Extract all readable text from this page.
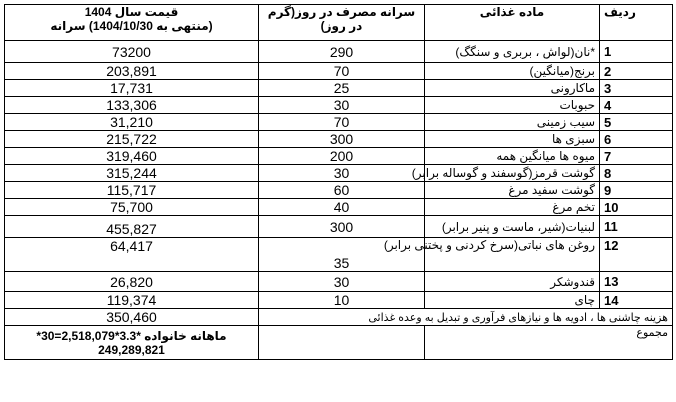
ردیف	ماده غذائی	سرانه مصرف در روز(گرم
در روز)	قیمت سال 1404
(منتهی به 1404/10/30) سرانه

1	*نان(لواش ، بربری و سنگگ)	290	73200
2	برنج(میانگین)	70	203,891
3	ماکارونی	25	17,731
4	حبوبات	30	133,306
5	سیب زمینی	70	31,210
6	سبزی ها	300	215,722
7	میوه ها میانگین همه	200	319,460
8	گوشت قرمز(گوسفند و گوساله برابر)	30	315,244
9	گوشت سفید مرغ	60	115,717
10	تخم مرغ	40	75,700
11	لبنیات(شیر، ماست و پنیر برابر)	300	455,827
12	روغن های نباتی(سرخ کردنی و پختنی برابر)	35	64,417
13	قندوشکر	30	26,820
14	چای	10	119,374
هزینه چاشنی ها ، ادویه ها و نیازهای فرآوری و تبدیل به وعده غذائی			350,460
مجموع			ماهانه خانواده *3.3*2,518,079=30*
249,289,821
